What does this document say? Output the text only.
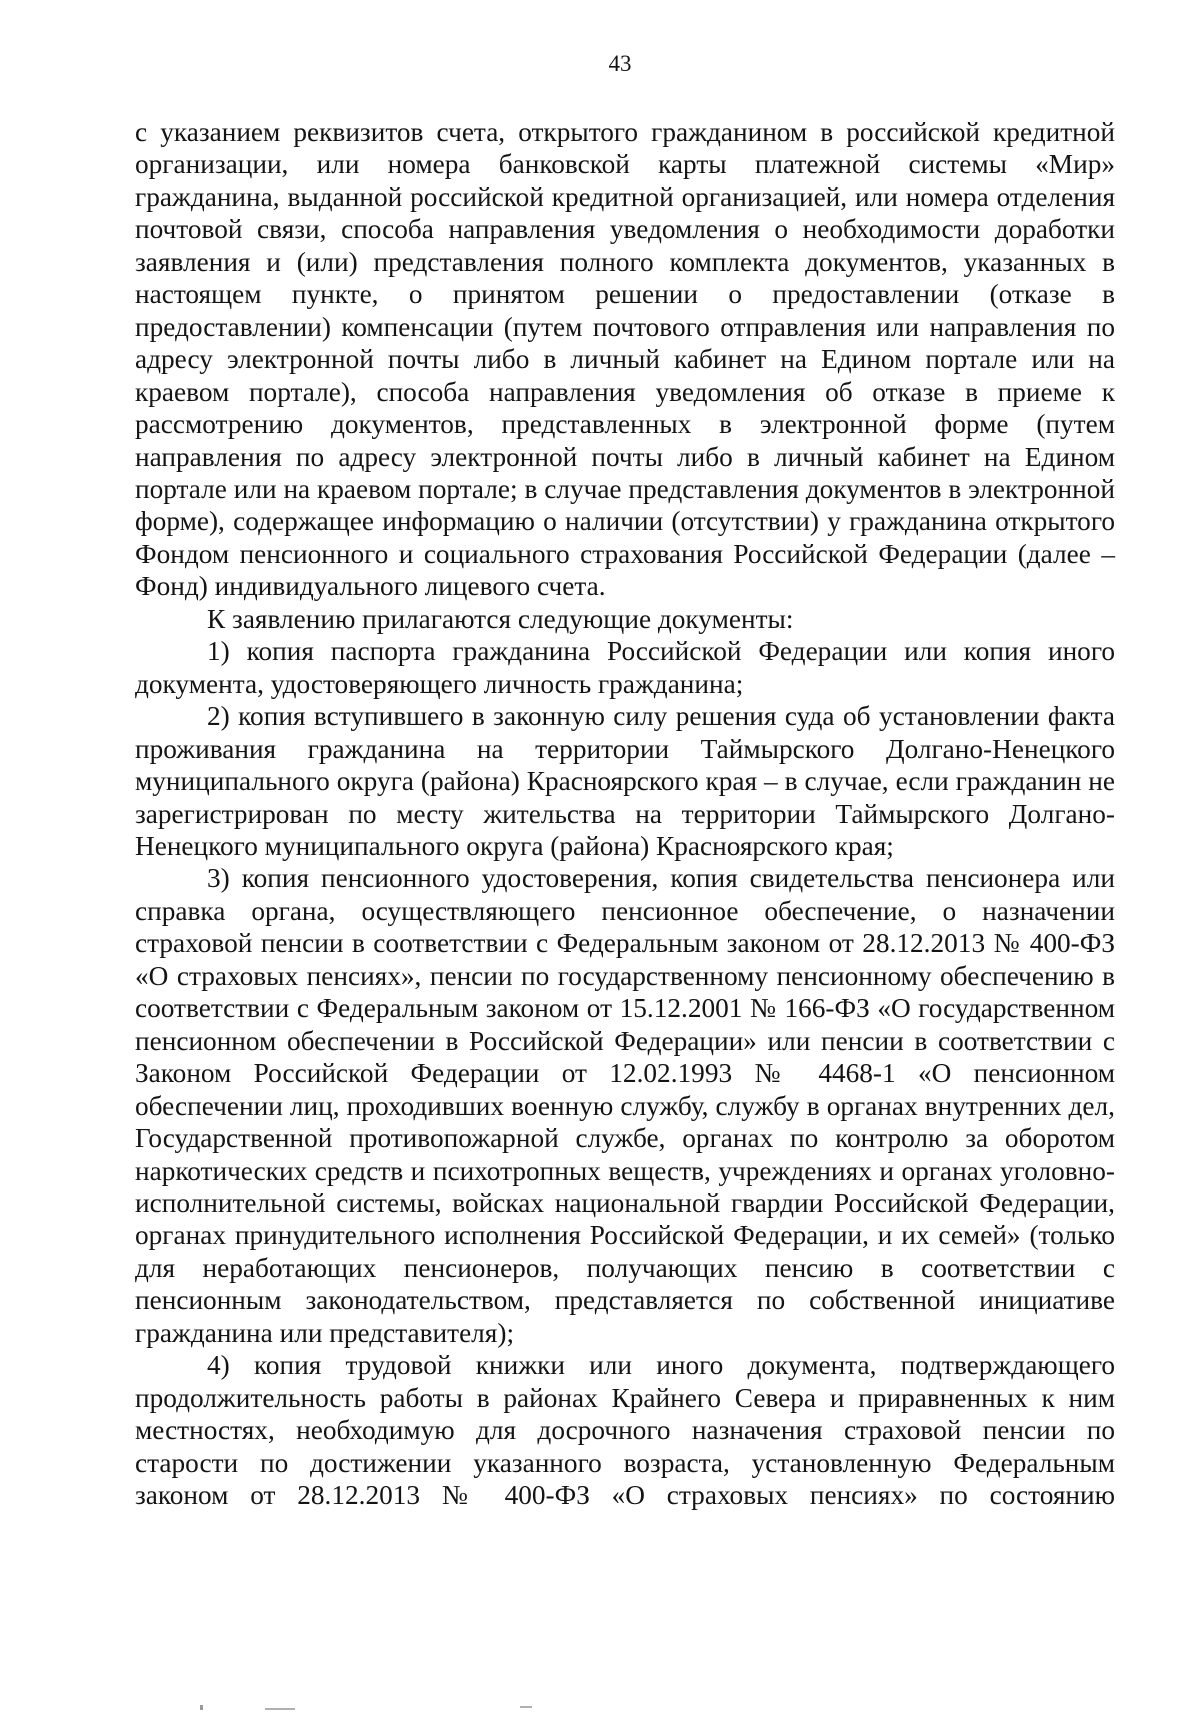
43

с указанием реквизитов счета, открытого гражданином в российской кредитной организации, или номера банковской карты платежной системы «Мир» гражданина, выданной российской кредитной организацией, или номера отделения почтовой связи, способа направления уведомления о необходимости доработки заявления и (или) представления полного комплекта документов, указанных в настоящем пункте, о принятом решении о предоставлении (отказе в предоставлении) компенсации (путем почтового отправления или направления по адресу электронной почты либо в личный кабинет на Едином портале или на краевом портале), способа направления уведомления об отказе в приеме к рассмотрению документов, представленных в электронной форме (путем направления по адресу электронной почты либо в личный кабинет на Едином портале или на краевом портале; в случае представления документов в электронной форме), содержащее информацию о наличии (отсутствии) у гражданина открытого Фондом пенсионного и социального страхования Российской Федерации (далее – Фонд) индивидуального лицевого счета.

К заявлению прилагаются следующие документы:

1) копия паспорта гражданина Российской Федерации или копия иного документа, удостоверяющего личность гражданина;

2) копия вступившего в законную силу решения суда об установлении факта проживания гражданина на территории Таймырского Долгано-Ненецкого муниципального округа (района) Красноярского края – в случае, если гражданин не зарегистрирован по месту жительства на территории Таймырского Долгано-Ненецкого муниципального округа (района) Красноярского края;

3) копия пенсионного удостоверения, копия свидетельства пенсионера или справка органа, осуществляющего пенсионное обеспечение, о назначении страховой пенсии в соответствии с Федеральным законом от 28.12.2013 № 400-ФЗ «О страховых пенсиях», пенсии по государственному пенсионному обеспечению в соответствии с Федеральным законом от 15.12.2001 № 166-ФЗ «О государственном пенсионном обеспечении в Российской Федерации» или пенсии в соответствии с Законом Российской Федерации от 12.02.1993 № 4468-1 «О пенсионном обеспечении лиц, проходивших военную службу, службу в органах внутренних дел, Государственной противопожарной службе, органах по контролю за оборотом наркотических средств и психотропных веществ, учреждениях и органах уголовно-исполнительной системы, войсках национальной гвардии Российской Федерации, органах принудительного исполнения Российской Федерации, и их семей» (только для неработающих пенсионеров, получающих пенсию в соответствии с пенсионным законодательством, представляется по собственной инициативе гражданина или представителя);

4) копия трудовой книжки или иного документа, подтверждающего продолжительность работы в районах Крайнего Севера и приравненных к ним местностях, необходимую для досрочного назначения страховой пенсии по старости по достижении указанного возраста, установленную Федеральным законом от 28.12.2013 № 400-ФЗ «О страховых пенсиях» по состоянию
